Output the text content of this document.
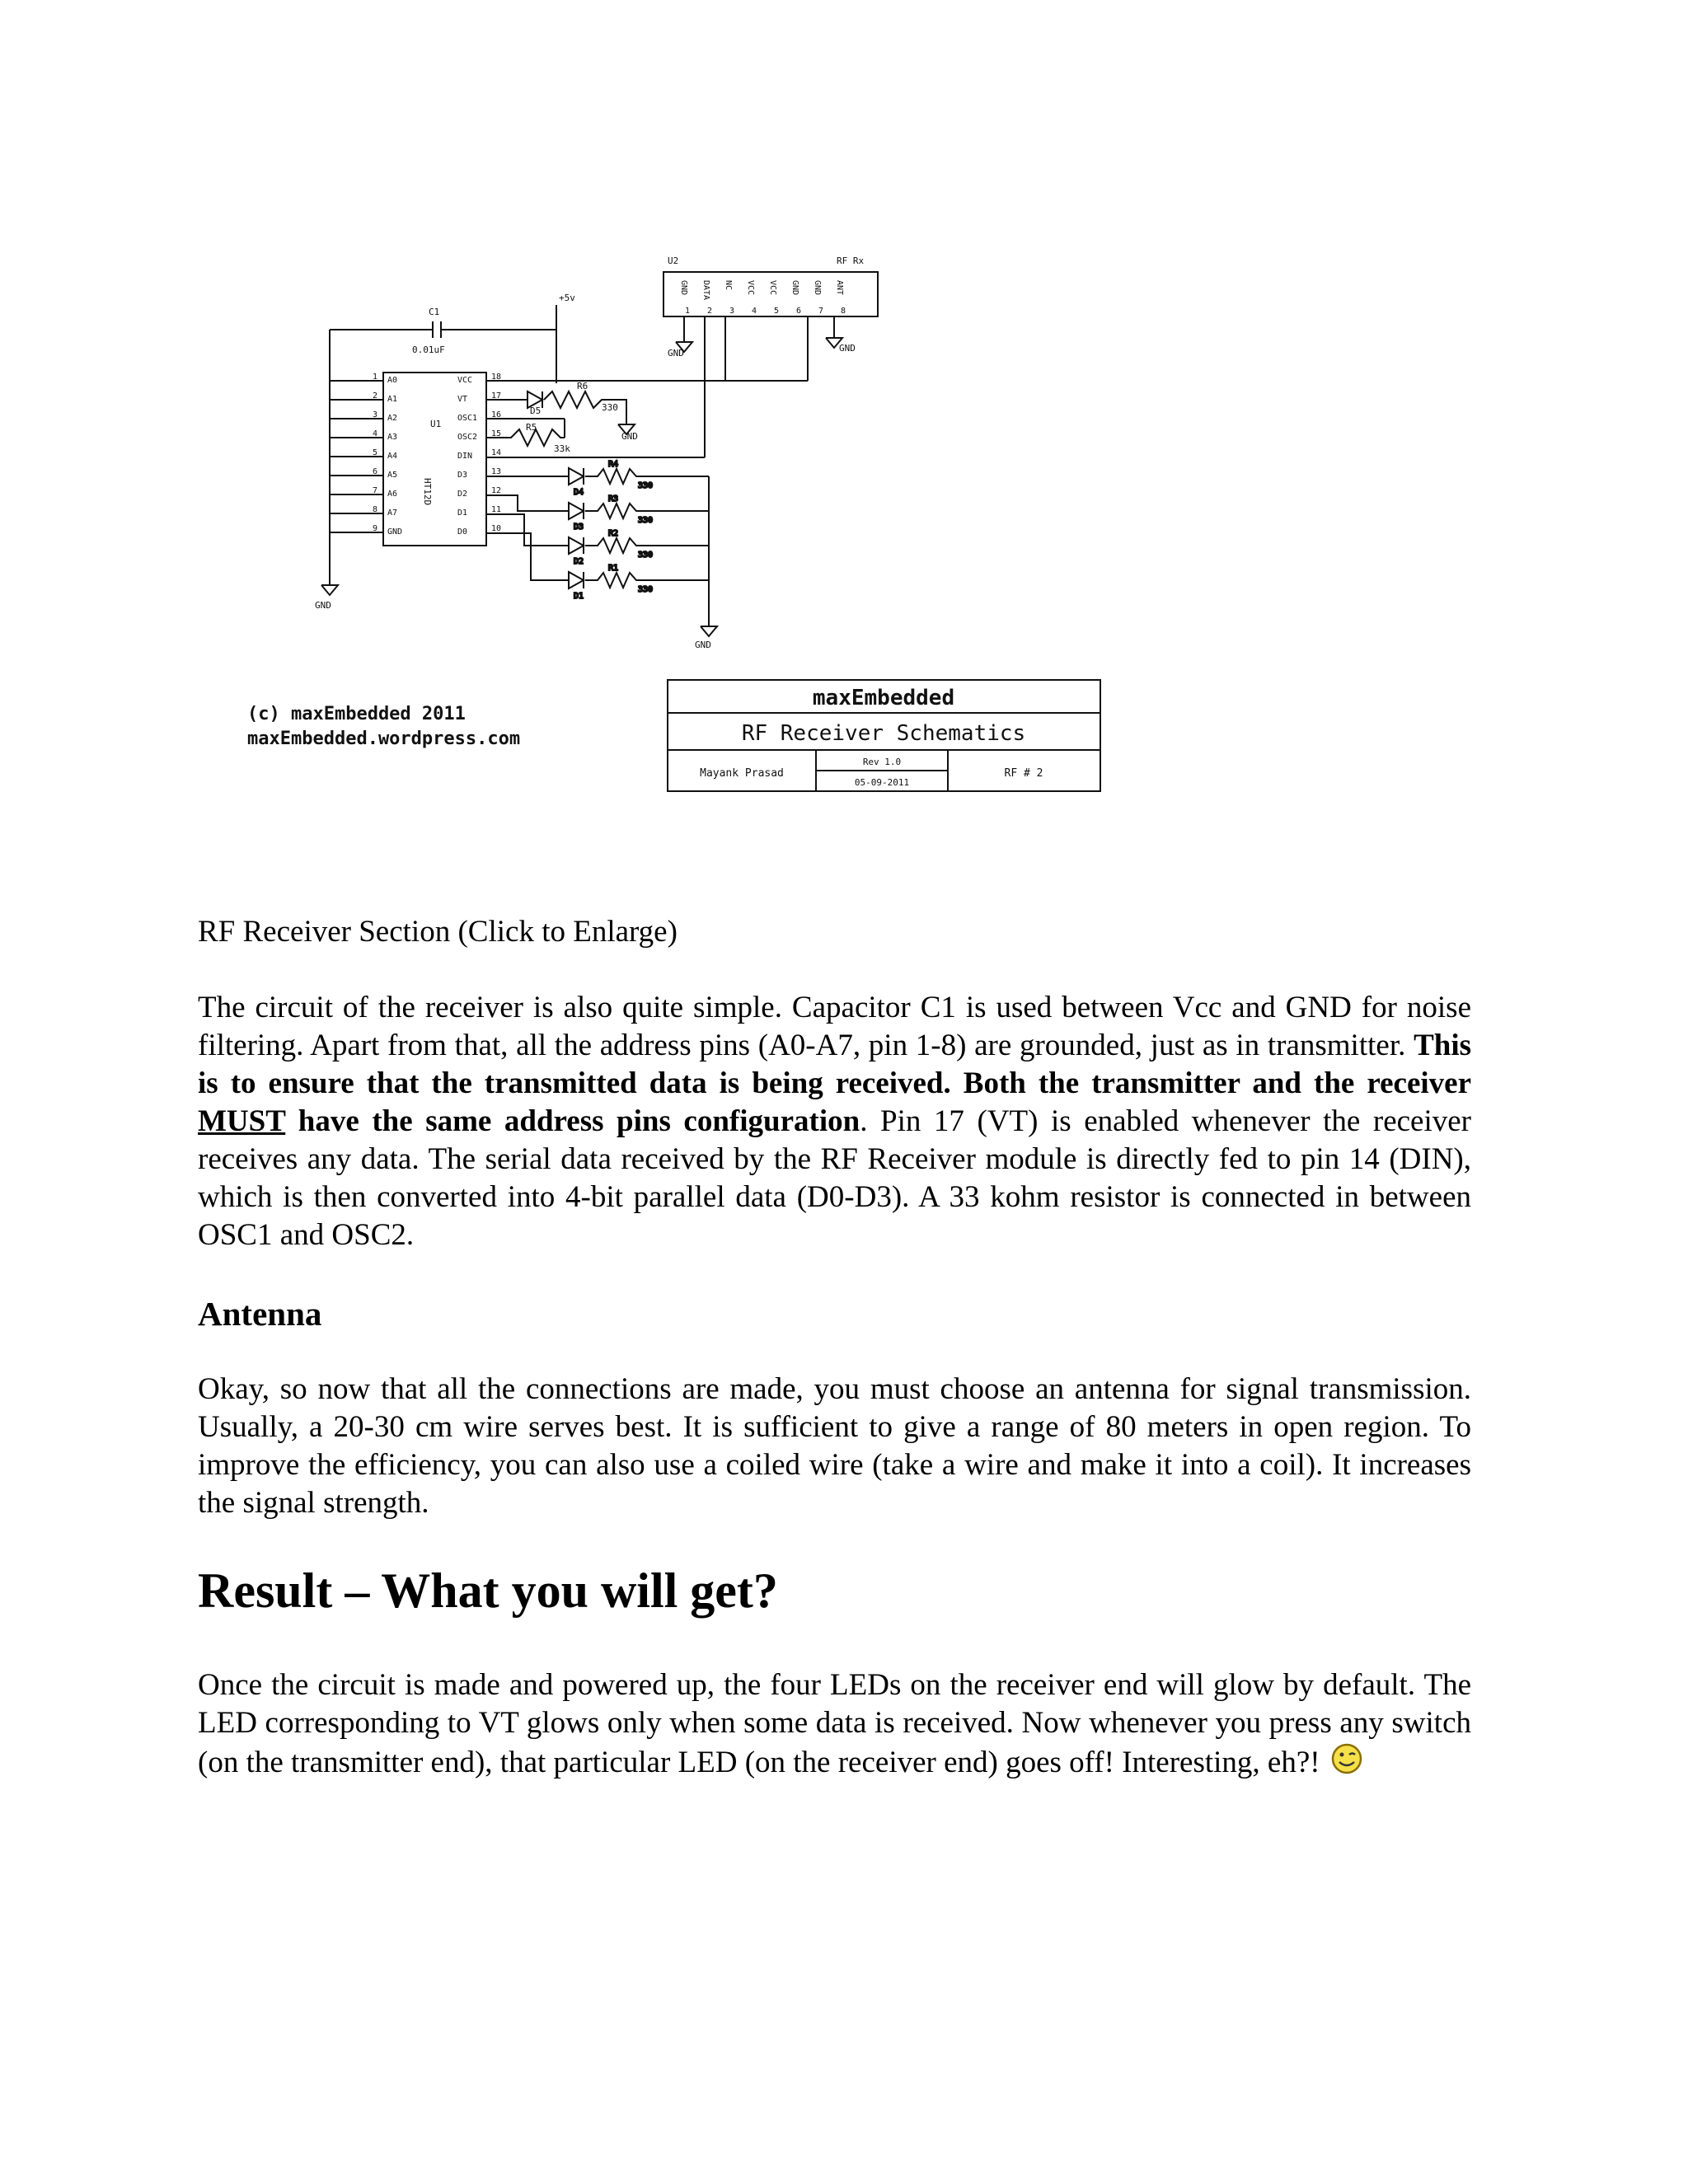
R4
330
D4
R3
330
D3
R2
330
D2
R1
330
D1
U2	RF Rx
C1
0.01uF
+5v
GND
GND	GND
GND
GND
U1
HT12D
R6
330
D5
R5
33k
1 A0
2 A1
3 A2
4 A3
5 A4
6 A5
7 A6
8 A7
9 GND
18
VCC
17
VT
16
OSC1
15
OSC2
14
DIN
13
D3
12
D2
11
D1
10
D0
GND
1
DATA
2
NC
3
VCC
4
VCC
5
GND
6
GND
7
ANT
8
(c) maxEmbedded 2011
maxEmbedded.wordpress.com
maxEmbedded
RF Receiver Schematics
Mayank Prasad
Rev 1.0
05-09-2011
RF # 2

RF Receiver Section (Click to Enlarge)

The circuit of the receiver is also quite simple. Capacitor C1 is used between Vcc and GND for noise filtering. Apart from that, all the address pins (A0-A7, pin 1-8) are grounded, just as in transmitter. This is to ensure that the transmitted data is being received. Both the transmitter and the receiver MUST have the same address pins configuration. Pin 17 (VT) is enabled whenever the receiver receives any data. The serial data received by the RF Receiver module is directly fed to pin 14 (DIN), which is then converted into 4-bit parallel data (D0-D3). A 33 kohm resistor is connected in between OSC1 and OSC2.

Antenna

Okay, so now that all the connections are made, you must choose an antenna for signal transmission. Usually, a 20-30 cm wire serves best. It is sufficient to give a range of 80 meters in open region. To improve the efficiency, you can also use a coiled wire (take a wire and make it into a coil). It increases the signal strength.

Result – What you will get?

Once the circuit is made and powered up, the four LEDs on the receiver end will glow by default. The LED corresponding to VT glows only when some data is received. Now whenever you press any switch (on the transmitter end), that particular LED (on the receiver end) goes off! Interesting, eh?!
